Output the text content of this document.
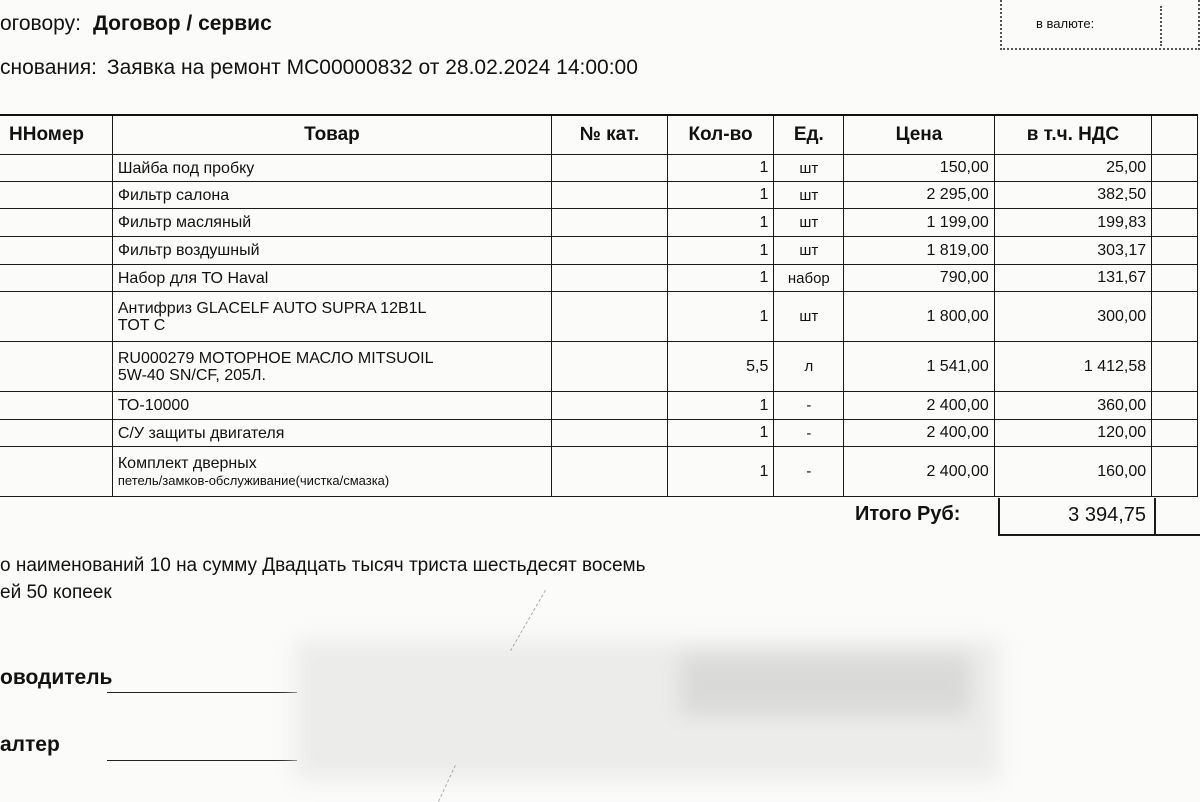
оговору: Договор / сервис
снования: Заявка на ремонт МС00000832 от 28.02.2024 14:00:00
в валюте:
ННомер	Товар	№ кат.	Кол-во	Ед.	Цена	в т.ч. НДС	
	Шайба под пробку		1	шт	150,00	25,00	
	Фильтр салона		1	шт	2 295,00	382,50	
	Фильтр масляный		1	шт	1 199,00	199,83	
	Фильтр воздушный		1	шт	1 819,00	303,17	
	Набор для ТО Haval		1	набор	790,00	131,67	
	Антифриз GLACELF AUTO SUPRA 12B1L
TOT C		1	шт	1 800,00	300,00	
	RU000279 МОТОРНОЕ МАСЛО MITSUOIL
5W-40 SN/CF, 205Л.		5,5	л	1 541,00	1 412,58	
	ТО-10000		1	-	2 400,00	360,00	
	С/У защиты двигателя		1	-	2 400,00	120,00	
	Комплект дверных
петель/замков-обслуживание(чистка/смазка)		1	-	2 400,00	160,00	
Итого Руб:	3 394,75
о наименований 10 на сумму Двадцать тысяч триста шестьдесят восемь
ей 50 копеек
оводитель
алтер
